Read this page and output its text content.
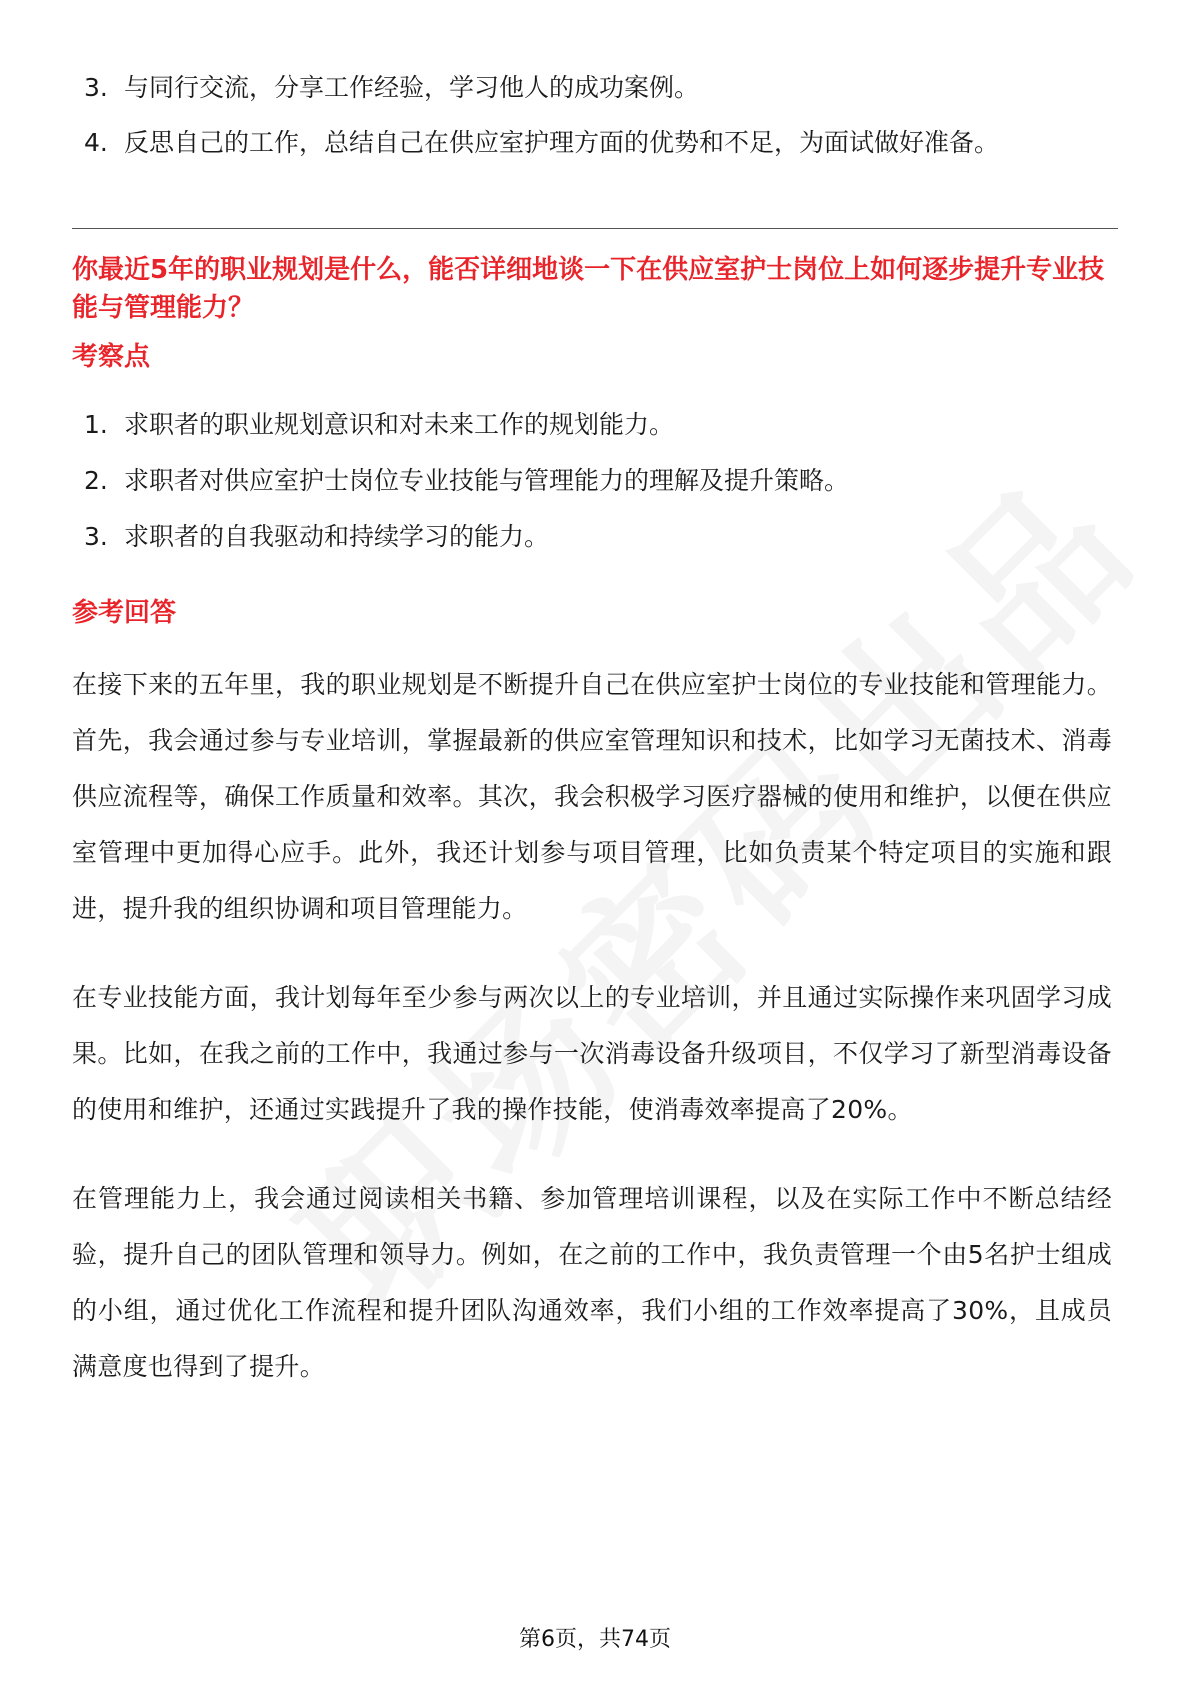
3. 与同行交流，分享工作经验，学习他人的成功案例。
4. 反思自己的工作，总结自己在供应室护理方面的优势和不足，为面试做好准备。
你最近5年的职业规划是什么，能否详细地谈一下在供应室护士岗位上如何逐步提升专业技能与管理能力？
考察点
1. 求职者的职业规划意识和对未来工作的规划能力。
2. 求职者对供应室护士岗位专业技能与管理能力的理解及提升策略。
3. 求职者的自我驱动和持续学习的能力。
参考回答

在接下来的五年里，我的职业规划是不断提升自己在供应室护士岗位的专业技能和管理能力。首先，我会通过参与专业培训，掌握最新的供应室管理知识和技术，比如学习无菌技术、消毒供应流程等，确保工作质量和效率。其次，我会积极学习医疗器械的使用和维护，以便在供应室管理中更加得心应手。此外，我还计划参与项目管理，比如负责某个特定项目的实施和跟进，提升我的组织协调和项目管理能力。

在专业技能方面，我计划每年至少参与两次以上的专业培训，并且通过实际操作来巩固学习成果。比如，在我之前的工作中，我通过参与一次消毒设备升级项目，不仅学习了新型消毒设备的使用和维护，还通过实践提升了我的操作技能，使消毒效率提高了20%。

在管理能力上，我会通过阅读相关书籍、参加管理培训课程，以及在实际工作中不断总结经验，提升自己的团队管理和领导力。例如，在之前的工作中，我负责管理一个由5名护士组成的小组，通过优化工作流程和提升团队沟通效率，我们小组的工作效率提高了30%，且成员满意度也得到了提升。

第6页，共74页
